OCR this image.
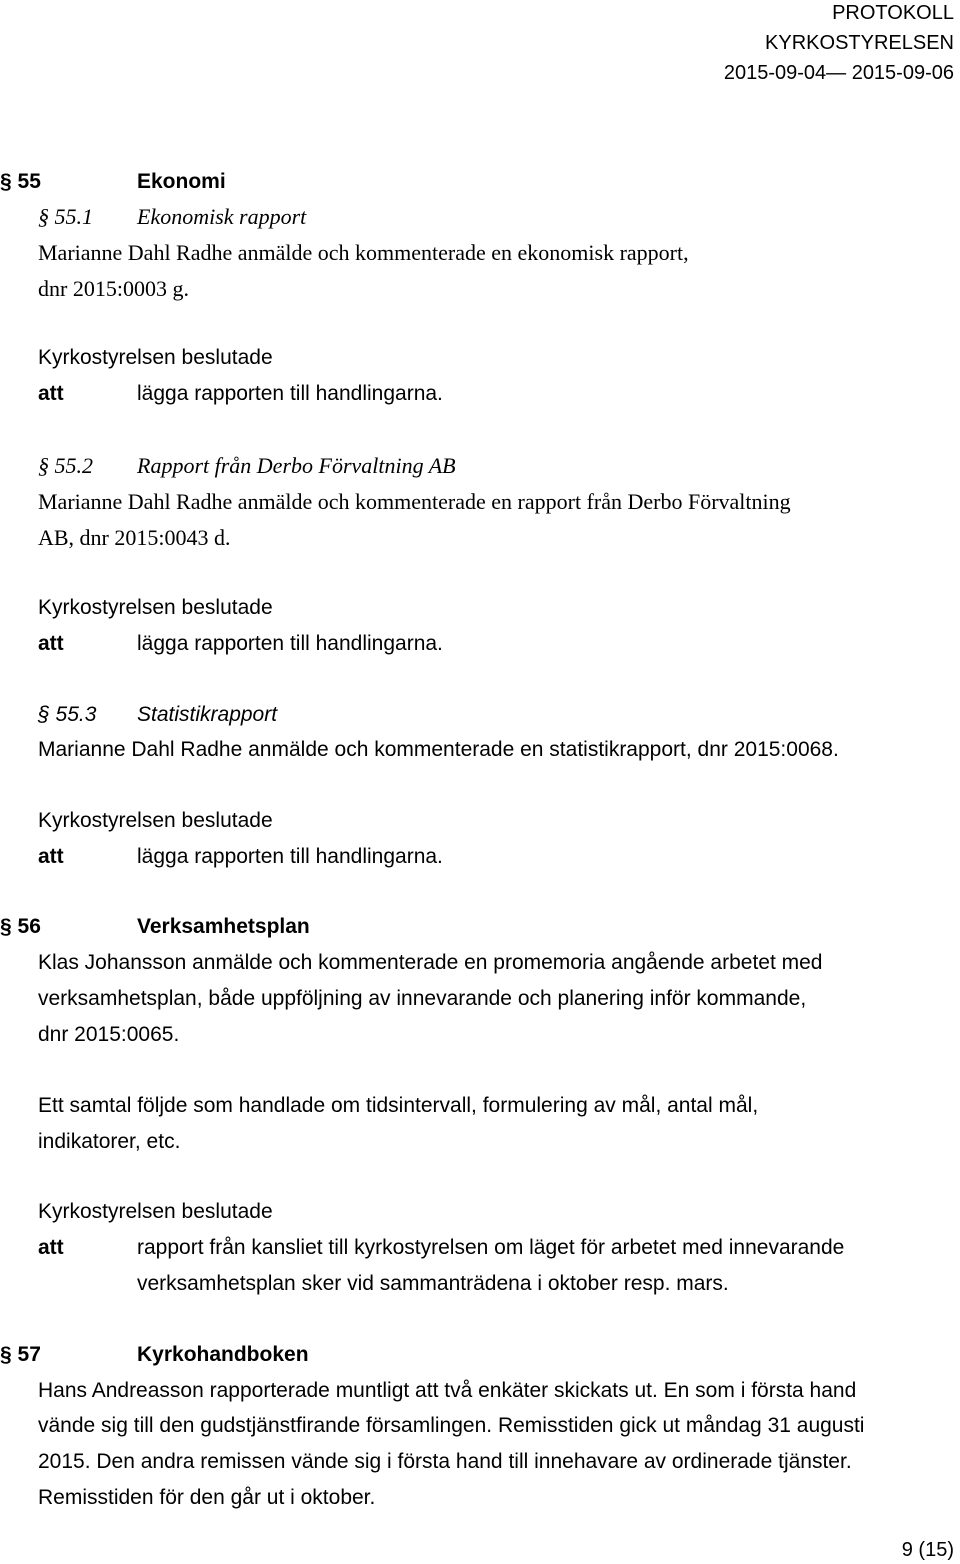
PROTOKOLL
KYRKOSTYRELSEN
2015-09-04— 2015-09-06
§ 55	Ekonomi
§ 55.1 Ekonomisk rapport
Marianne Dahl Radhe anmälde och kommenterade en ekonomisk rapport,
dnr 2015:0003 g.
Kyrkostyrelsen beslutade
att	lägga rapporten till handlingarna.
§ 55.2 Rapport från Derbo Förvaltning AB
Marianne Dahl Radhe anmälde och kommenterade en rapport från Derbo Förvaltning
AB, dnr 2015:0043 d.
Kyrkostyrelsen beslutade
att	lägga rapporten till handlingarna.
§ 55.3 Statistikrapport
Marianne Dahl Radhe anmälde och kommenterade en statistikrapport, dnr 2015:0068.
Kyrkostyrelsen beslutade
att	lägga rapporten till handlingarna.
§ 56	Verksamhetsplan
Klas Johansson anmälde och kommenterade en promemoria angående arbetet med
verksamhetsplan, både uppföljning av innevarande och planering inför kommande,
dnr 2015:0065.
Ett samtal följde som handlade om tidsintervall, formulering av mål, antal mål,
indikatorer, etc.
Kyrkostyrelsen beslutade
att	rapport från kansliet till kyrkostyrelsen om läget för arbetet med innevarande
verksamhetsplan sker vid sammanträdena i oktober resp. mars.
§ 57	Kyrkohandboken
Hans Andreasson rapporterade muntligt att två enkäter skickats ut. En som i första hand
vände sig till den gudstjänstfirande församlingen. Remisstiden gick ut måndag 31 augusti
2015. Den andra remissen vände sig i första hand till innehavare av ordinerade tjänster.
Remisstiden för den går ut i oktober.
9 (15)
